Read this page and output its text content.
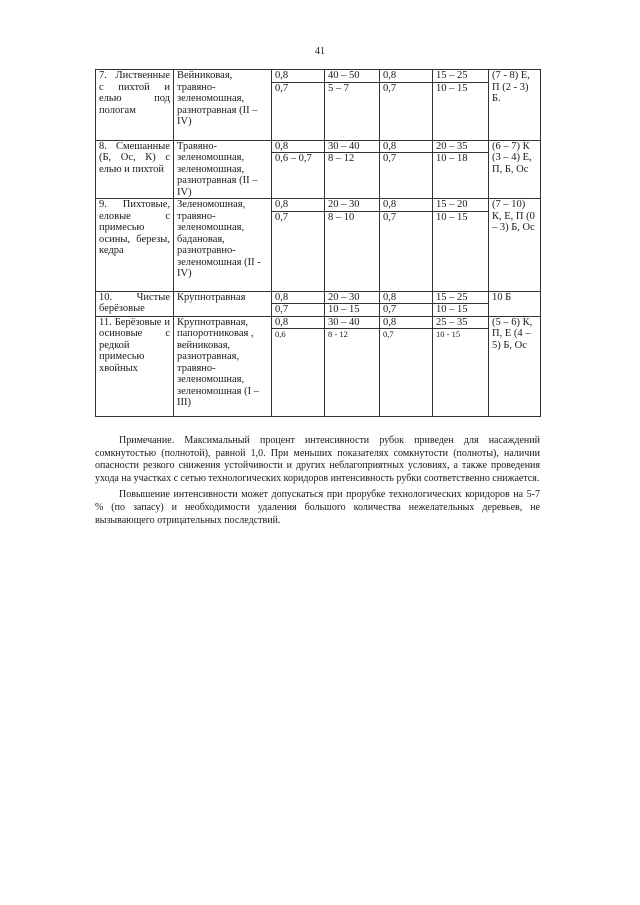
41
7. Лиственные с пихтой и елью под пологам	Вейниковая, травяно-зеленомошная, разнотравная (II – IV)	0,8	40 – 50	0,8	15 – 25	(7 - 8) Е, П (2 - 3) Б.
		0,7	5 – 7	0,7	10 – 15	
8. Смешанные (Б, Ос, К) с елью и пихтой	Травяно-зеленомошная, зеленомошная, разнотравная (II – IV)	0,8	30 – 40	0,8	20 – 35	(6 – 7) К (3 – 4) Е, П, Б, Ос
		0,6 – 0,7	8 – 12	0,7	10 – 18	
9. Пихтовые, еловые с примесью осины, березы, кедра	Зеленомошная, травяно-зеленомошная, бадановая, разнотравно-зеленомошная (II - IV)	0,8	20 – 30	0,8	15 – 20	(7 – 10) К, Е, П (0 – 3) Б, Ос
		0,7	8 – 10	0,7	10 – 15	
10. Чистые берёзовые	Крупнотравная	0,8	20 – 30	0,8	15 – 25	10 Б
		0,7	10 – 15	0,7	10 – 15	
11. Берёзовые и осиновые с редкой примесью хвойных	Крупнотравная, папоротниковая , вейниковая, разнотравная, травяно-зеленомошная, зеленомошная (I – III)	0,8	30 – 40	0,8	25 – 35	(5 – 6) К, П, Е (4 – 5) Б, Ос
		0,6	8 - 12	0,7	10 - 15	

Примечание. Максимальный процент интенсивности рубок приведен для насаждений сомкнутостью (полнотой), равной 1,0. При меньших показателях сомкнутости (полноты), наличии опасности резкого снижения устойчивости и других неблагоприятных условиях, а также проведения ухода на участках с сетью технологических коридоров интенсивность рубки соответственно снижается.

Повышение интенсивности может допускаться при прорубке технологических коридоров на 5-7 % (по запасу) и необходимости удаления большого количества нежелательных деревьев, не вызывающего отрицательных последствий.
